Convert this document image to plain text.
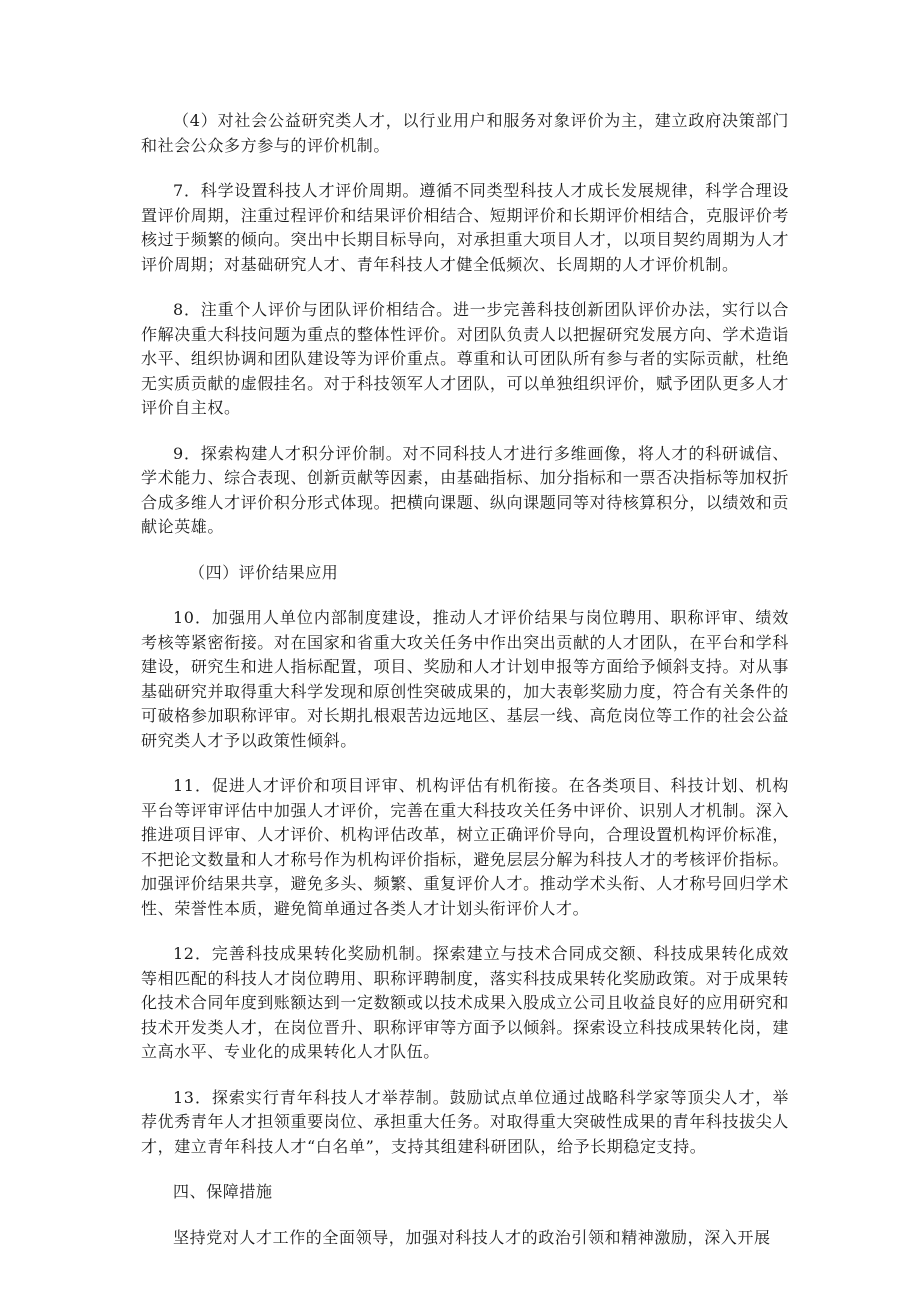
（4）对社会公益研究类人才，以行业用户和服务对象评价为主，建立政府决策部门和社会公众多方参与的评价机制。

7．科学设置科技人才评价周期。遵循不同类型科技人才成长发展规律，科学合理设置评价周期，注重过程评价和结果评价相结合、短期评价和长期评价相结合，克服评价考核过于频繁的倾向。突出中长期目标导向，对承担重大项目人才，以项目契约周期为人才评价周期；对基础研究人才、青年科技人才健全低频次、长周期的人才评价机制。

8．注重个人评价与团队评价相结合。进一步完善科技创新团队评价办法，实行以合作解决重大科技问题为重点的整体性评价。对团队负责人以把握研究发展方向、学术造诣水平、组织协调和团队建设等为评价重点。尊重和认可团队所有参与者的实际贡献，杜绝无实质贡献的虚假挂名。对于科技领军人才团队，可以单独组织评价，赋予团队更多人才评价自主权。

9．探索构建人才积分评价制。对不同科技人才进行多维画像，将人才的科研诚信、学术能力、综合表现、创新贡献等因素，由基础指标、加分指标和一票否决指标等加权折合成多维人才评价积分形式体现。把横向课题、纵向课题同等对待核算积分，以绩效和贡献论英雄。

（四）评价结果应用

10．加强用人单位内部制度建设，推动人才评价结果与岗位聘用、职称评审、绩效考核等紧密衔接。对在国家和省重大攻关任务中作出突出贡献的人才团队，在平台和学科建设，研究生和进人指标配置，项目、奖励和人才计划申报等方面给予倾斜支持。对从事基础研究并取得重大科学发现和原创性突破成果的，加大表彰奖励力度，符合有关条件的可破格参加职称评审。对长期扎根艰苦边远地区、基层一线、高危岗位等工作的社会公益研究类人才予以政策性倾斜。

11．促进人才评价和项目评审、机构评估有机衔接。在各类项目、科技计划、机构平台等评审评估中加强人才评价，完善在重大科技攻关任务中评价、识别人才机制。深入推进项目评审、人才评价、机构评估改革，树立正确评价导向，合理设置机构评价标准，不把论文数量和人才称号作为机构评价指标，避免层层分解为科技人才的考核评价指标。加强评价结果共享，避免多头、频繁、重复评价人才。推动学术头衔、人才称号回归学术性、荣誉性本质，避免简单通过各类人才计划头衔评价人才。

12．完善科技成果转化奖励机制。探索建立与技术合同成交额、科技成果转化成效等相匹配的科技人才岗位聘用、职称评聘制度，落实科技成果转化奖励政策。对于成果转化技术合同年度到账额达到一定数额或以技术成果入股成立公司且收益良好的应用研究和技术开发类人才，在岗位晋升、职称评审等方面予以倾斜。探索设立科技成果转化岗，建立高水平、专业化的成果转化人才队伍。

13．探索实行青年科技人才举荐制。鼓励试点单位通过战略科学家等顶尖人才，举荐优秀青年人才担领重要岗位、承担重大任务。对取得重大突破性成果的青年科技拔尖人才，建立青年科技人才“白名单”，支持其组建科研团队，给予长期稳定支持。

四、保障措施

坚持党对人才工作的全面领导，加强对科技人才的政治引领和精神激励，深入开展
